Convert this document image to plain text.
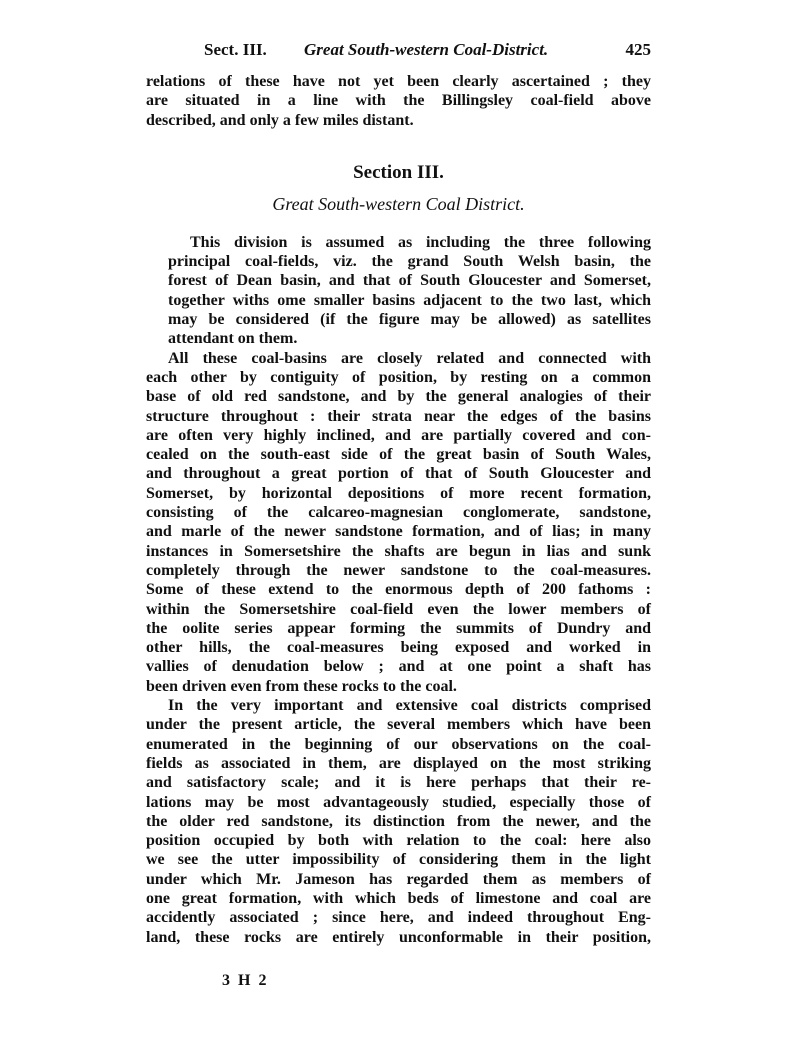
Sect. III. Great South-western Coal-District.	425
relations of these have not yet been clearly ascertained ; they
are situated in a line with the Billingsley coal-field above
described, and only a few miles distant.
Section III.
Great South-western Coal District.
This division is assumed as including the three following
principal coal-fields, viz. the grand South Welsh basin, the
forest of Dean basin, and that of South Gloucester and Somerset,
together withs ome smaller basins adjacent to the two last, which
may be considered (if the figure may be allowed) as satellites
attendant on them.
All these coal-basins are closely related and connected with
each other by contiguity of position, by resting on a common
base of old red sandstone, and by the general analogies of their
structure throughout : their strata near the edges of the basins
are often very highly inclined, and are partially covered and con-
cealed on the south-east side of the great basin of South Wales,
and throughout a great portion of that of South Gloucester and
Somerset, by horizontal depositions of more recent formation,
consisting of the calcareo-magnesian conglomerate, sandstone,
and marle of the newer sandstone formation, and of lias; in many
instances in Somersetshire the shafts are begun in lias and sunk
completely through the newer sandstone to the coal-measures.
Some of these extend to the enormous depth of 200 fathoms :
within the Somersetshire coal-field even the lower members of
the oolite series appear forming the summits of Dundry and
other hills, the coal-measures being exposed and worked in
vallies of denudation below ; and at one point a shaft has
been driven even from these rocks to the coal.
In the very important and extensive coal districts comprised
under the present article, the several members which have been
enumerated in the beginning of our observations on the coal-
fields as associated in them, are displayed on the most striking
and satisfactory scale; and it is here perhaps that their re-
lations may be most advantageously studied, especially those of
the older red sandstone, its distinction from the newer, and the
position occupied by both with relation to the coal: here also
we see the utter impossibility of considering them in the light
under which Mr. Jameson has regarded them as members of
one great formation, with which beds of limestone and coal are
accidently associated ; since here, and indeed throughout Eng-
land, these rocks are entirely unconformable in their position,
3 H 2
